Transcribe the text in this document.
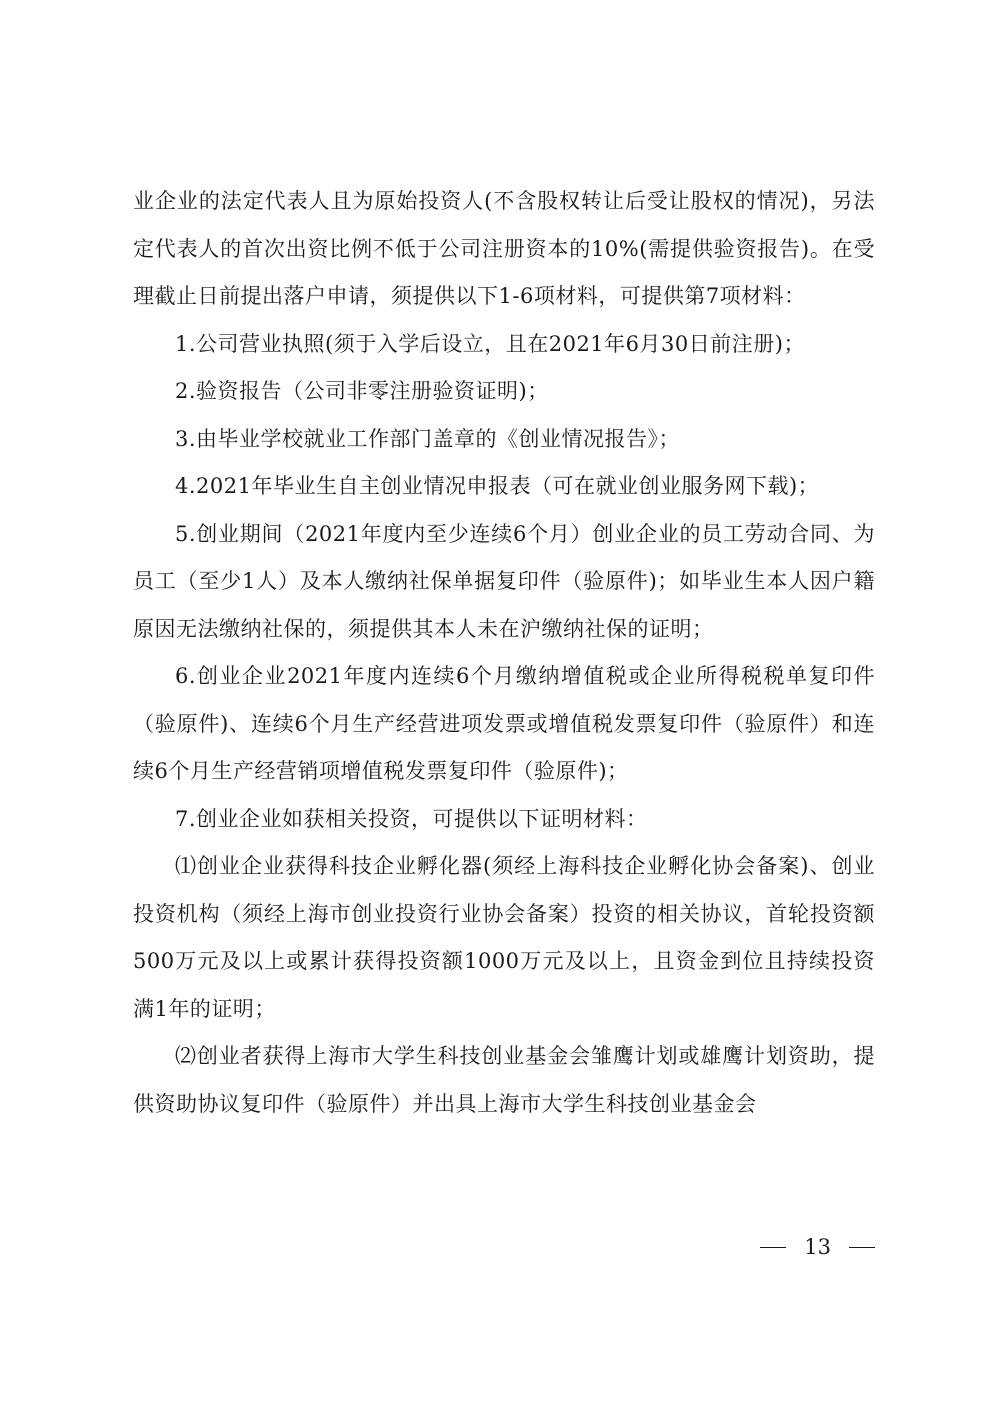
业企业的法定代表人且为原始投资人(不含股权转让后受让股权的情况)，另法定代表人的首次出资比例不低于公司注册资本的10%(需提供验资报告)。在受理截止日前提出落户申请，须提供以下1-6项材料，可提供第7项材料：

1.公司营业执照(须于入学后设立，且在2021年6月30日前注册)；

2.验资报告（公司非零注册验资证明)；

3.由毕业学校就业工作部门盖章的《创业情况报告》；

4.2021年毕业生自主创业情况申报表（可在就业创业服务网下载)；

5.创业期间（2021年度内至少连续6个月）创业企业的员工劳动合同、为员工（至少1人）及本人缴纳社保单据复印件（验原件)；如毕业生本人因户籍原因无法缴纳社保的，须提供其本人未在沪缴纳社保的证明；

6.创业企业2021年度内连续6个月缴纳增值税或企业所得税税单复印件（验原件)、连续6个月生产经营进项发票或增值税发票复印件（验原件）和连续6个月生产经营销项增值税发票复印件（验原件)；

7.创业企业如获相关投资，可提供以下证明材料：

⑴创业企业获得科技企业孵化器(须经上海科技企业孵化协会备案)、创业投资机构（须经上海市创业投资行业协会备案）投资的相关协议，首轮投资额500万元及以上或累计获得投资额1000万元及以上，且资金到位且持续投资满1年的证明；

⑵创业者获得上海市大学生科技创业基金会雏鹰计划或雄鹰计划资助，提供资助协议复印件（验原件）并出具上海市大学生科技创业基金会

13
